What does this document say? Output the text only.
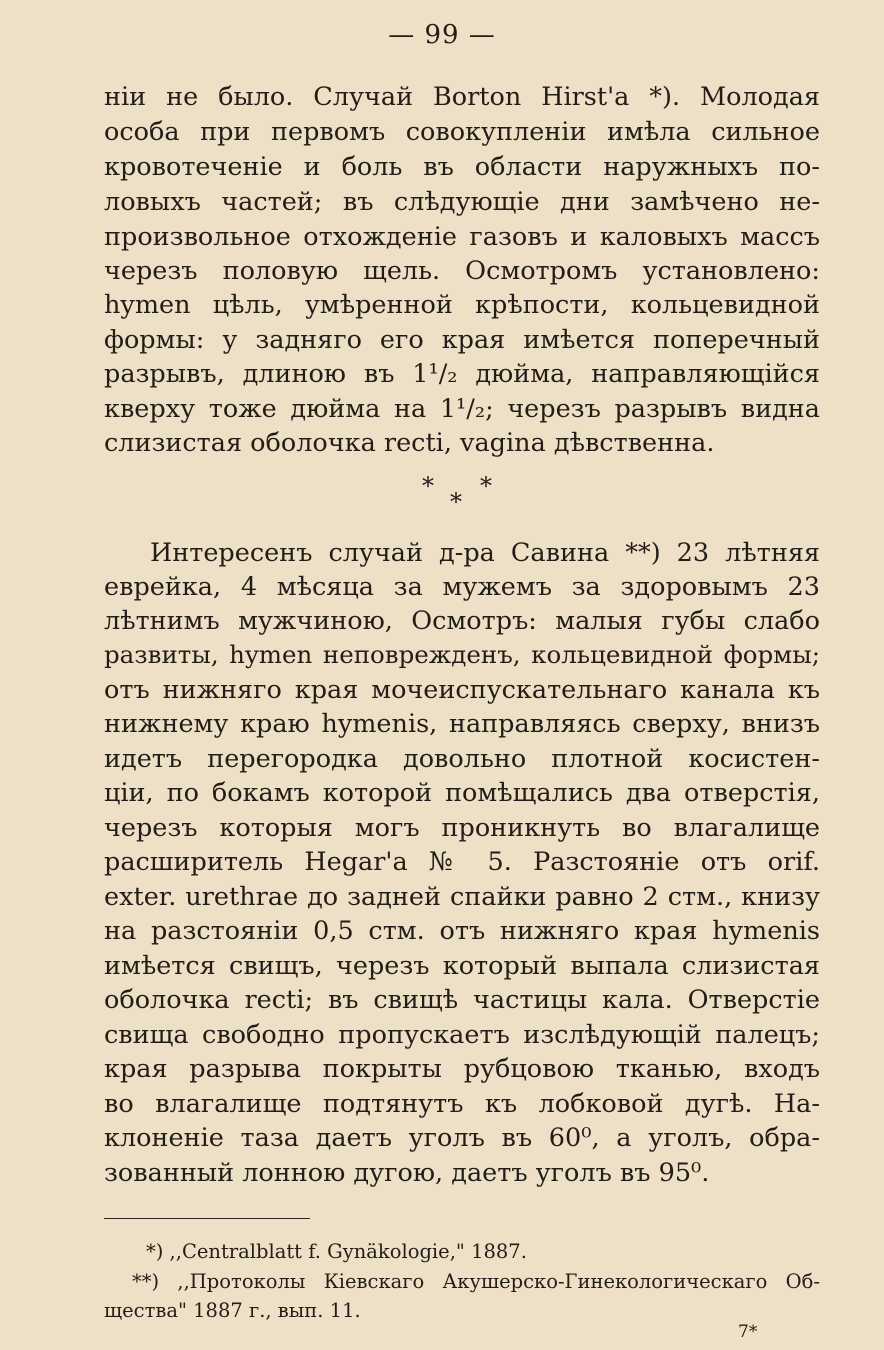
— 99 —
ніи не было. Случай Borton Hirst'a *). Молодая
особа при первомъ совокупленіи имѣла сильное
кровотеченіе и боль въ области наружныхъ по-
ловыхъ частей; въ слѣдующіе дни замѣчено не-
произвольное отхожденіе газовъ и каловыхъ массъ
черезъ половую щель. Осмотромъ установлено:
hymen цѣль, умѣренной крѣпости, кольцевидной
формы: у задняго его края имѣется поперечный
разрывъ, длиною въ 1¹/₂ дюйма, направляющійся
кверху тоже дюйма на 1¹/₂; черезъ разрывъ видна
слизистая оболочка recti, vagina дѣвственна.
* *
*
Интересенъ случай д-ра Савина **) 23 лѣтняя
еврейка, 4 мѣсяца за мужемъ за здоровымъ 23
лѣтнимъ мужчиною, Осмотръ: малыя губы слабо
развиты, hymen неповрежденъ, кольцевидной формы;
отъ нижняго края мочеиспускательнаго канала къ
нижнему краю hymenis, направляясь сверху, внизъ
идетъ перегородка довольно плотной косистен-
ціи, по бокамъ которой помѣщались два отверстія,
черезъ которыя могъ проникнуть во влагалище
расширитель Hegar'a № 5. Разстояніе отъ orif.
exter. urethrae до задней спайки равно 2 стм., книзу
на разстояніи 0,5 стм. отъ нижняго края hymenis
имѣется свищъ, черезъ который выпала слизистая
оболочка recti; въ свищѣ частицы кала. Отверстіе
свища свободно пропускаетъ изслѣдующій палецъ;
края разрыва покрыты рубцовою тканью, входъ
во влагалище подтянутъ къ лобковой дугѣ. На-
клоненіе таза даетъ уголъ въ 60⁰, а уголъ, обра-
зованный лонною дугою, даетъ уголъ въ 95⁰.
*) ,,Centralblatt f. Gynäkologie," 1887.
**) ,,Протоколы Кіевскаго Акушерско-Гинекологическаго Об-
щества" 1887 г., вып. 11.
7*
